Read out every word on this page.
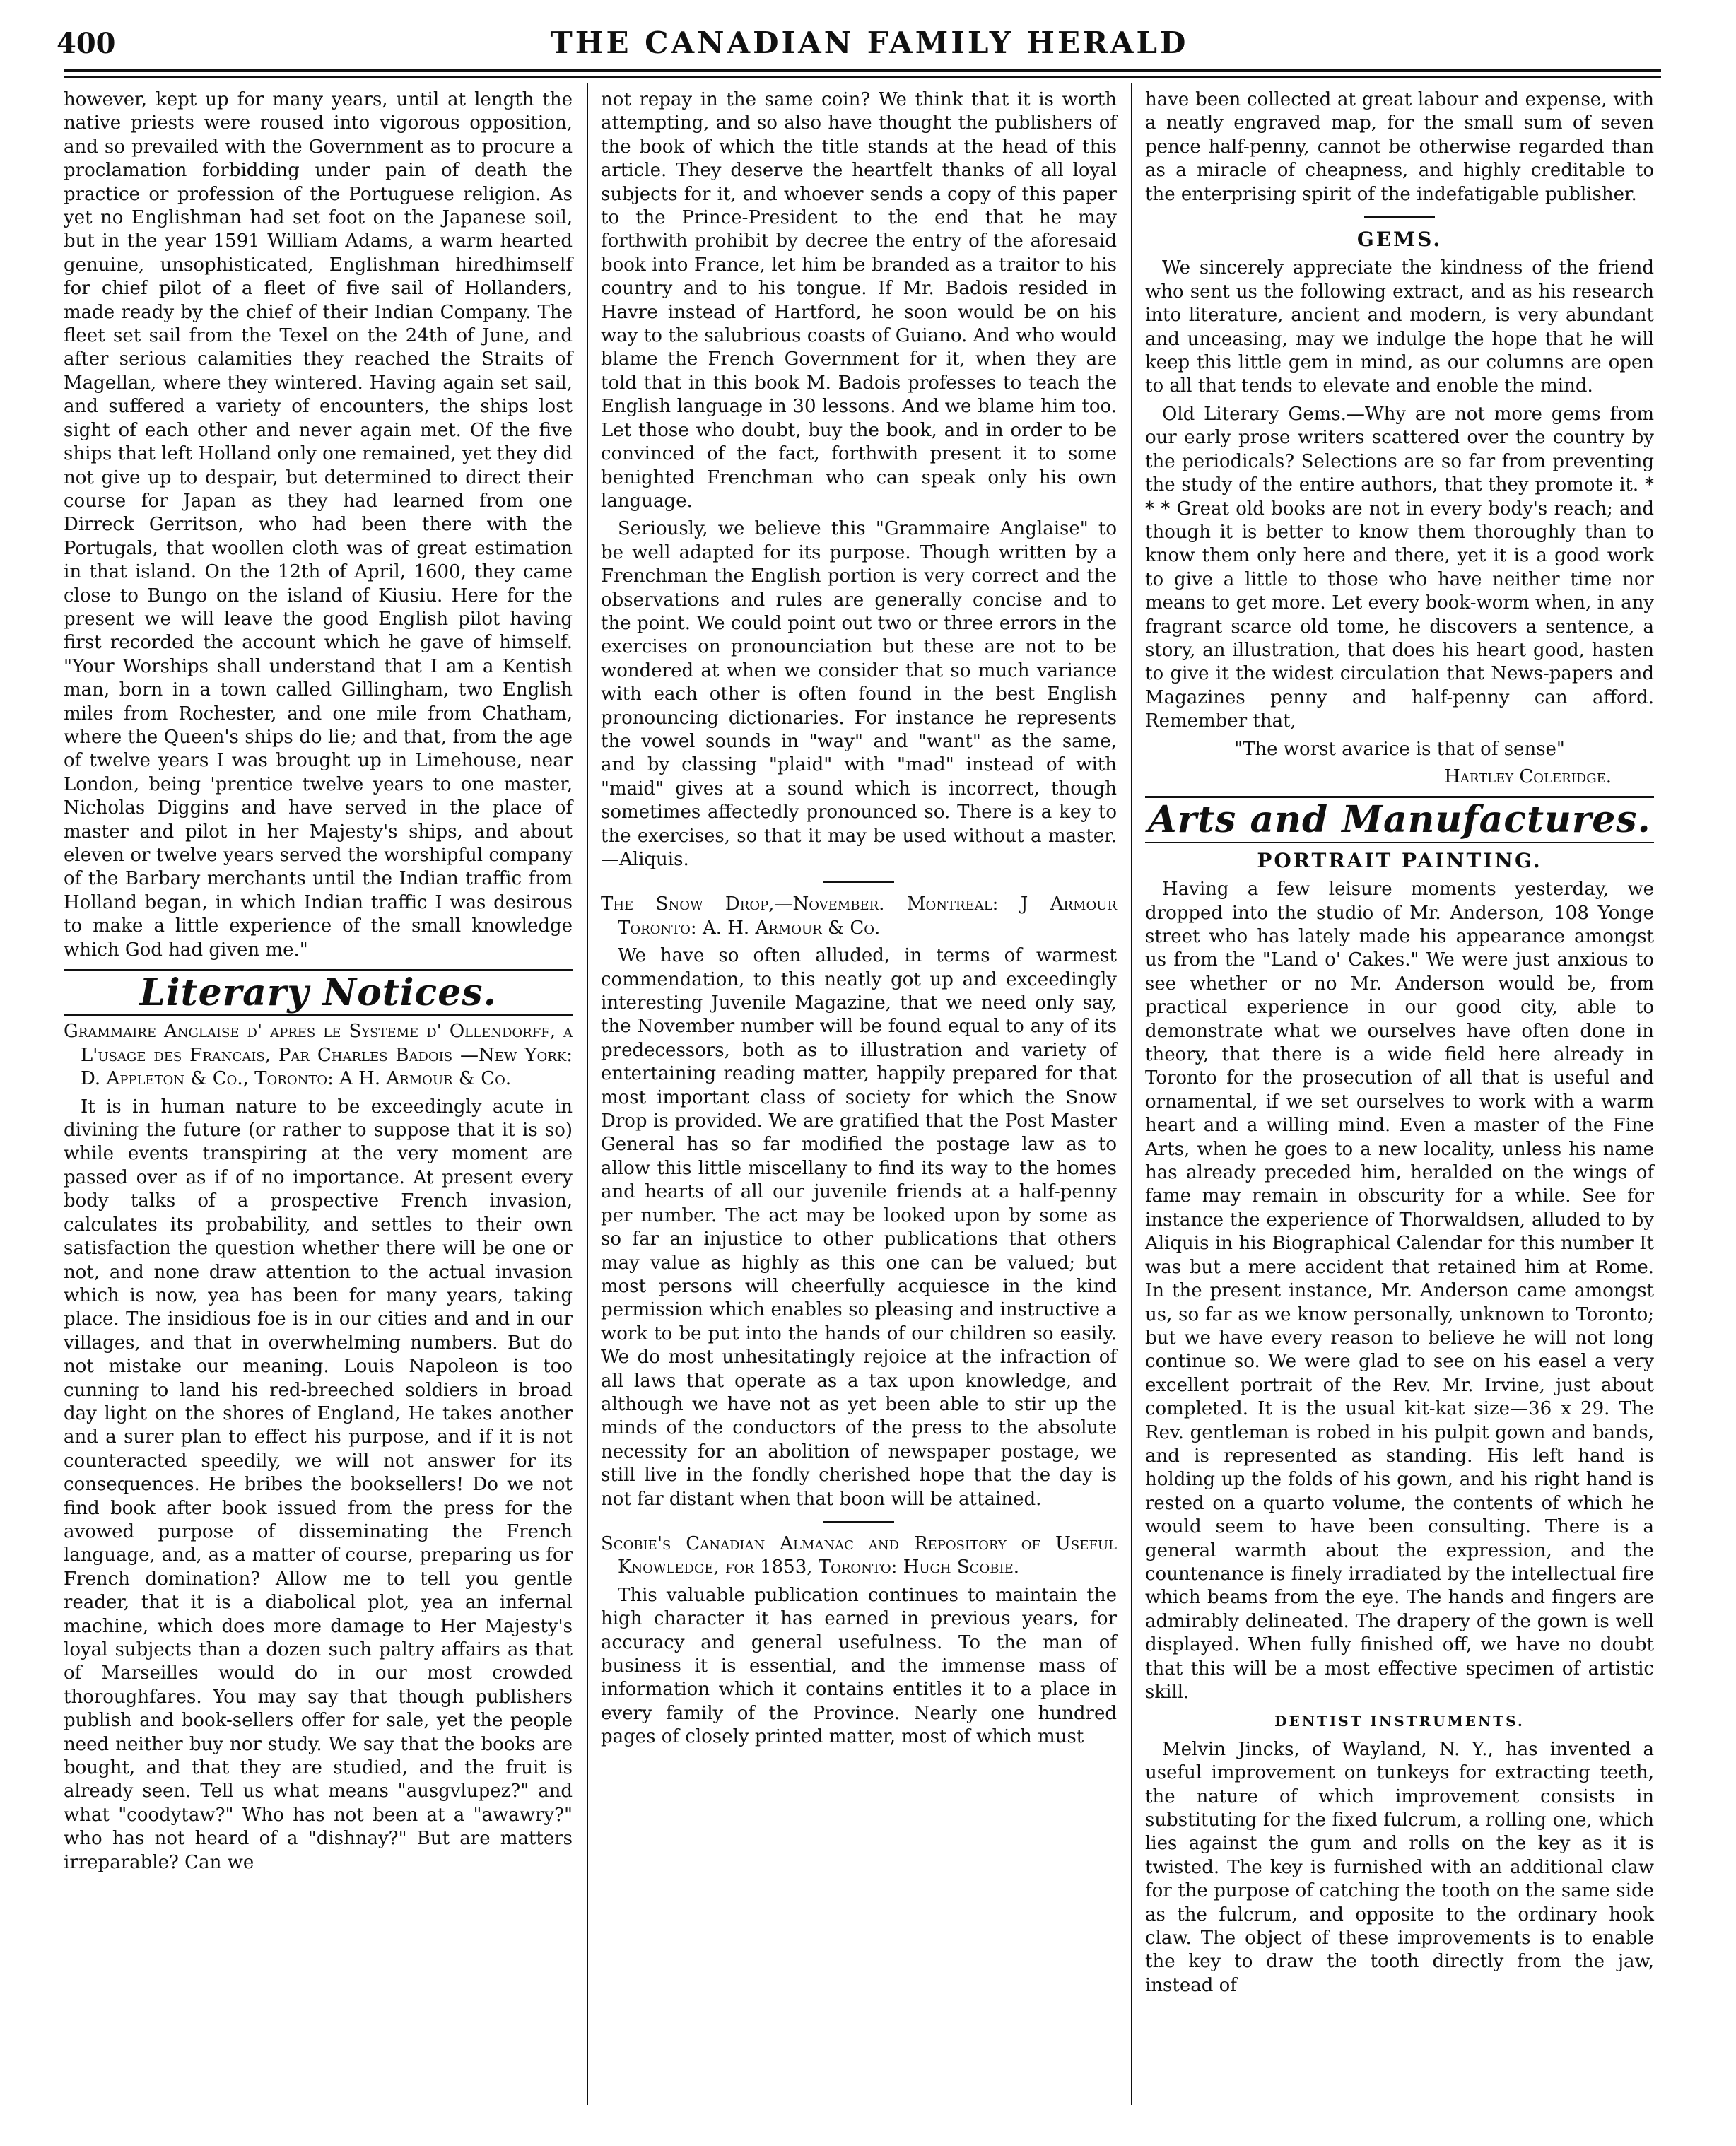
400	THE CANADIAN FAMILY HERALD

however, kept up for many years, until at length the native priests were roused into vigorous opposition, and so prevailed with the Government as to procure a proclamation forbidding under pain of death the practice or profession of the Portuguese religion. As yet no Englishman had set foot on the Japanese soil, but in the year 1591 William Adams, a warm hearted genuine, unsophisticated, Englishman hiredhimself for chief pilot of a fleet of five sail of Hollanders, made ready by the chief of their Indian Company. The fleet set sail from the Texel on the 24th of June, and after serious calamities they reached the Straits of Magellan, where they wintered. Having again set sail, and suffered a variety of encounters, the ships lost sight of each other and never again met. Of the five ships that left Holland only one remained, yet they did not give up to despair, but determined to direct their course for Japan as they had learned from one Dirreck Gerritson, who had been there with the Portugals, that woollen cloth was of great estimation in that island. On the 12th of April, 1600, they came close to Bungo on the island of Kiusiu. Here for the present we will leave the good English pilot having first recorded the account which he gave of himself. "Your Worships shall understand that I am a Kentish man, born in a town called Gillingham, two English miles from Rochester, and one mile from Chatham, where the Queen's ships do lie; and that, from the age of twelve years I was brought up in Limehouse, near London, being 'prentice twelve years to one master, Nicholas Diggins and have served in the place of master and pilot in her Majesty's ships, and about eleven or twelve years served the worshipful company of the Barbary merchants until the Indian traffic from Holland began, in which Indian traffic I was desirous to make a little experience of the small knowledge which God had given me."

Literary Notices.

Grammaire Anglaise d' apres le Systeme d' Ollendorff, a L'usage des Francais, Par Charles Badois —New York: D. Appleton & Co., Toronto: A H. Armour & Co.

It is in human nature to be exceedingly acute in divining the future (or rather to suppose that it is so) while events transpiring at the very moment are passed over as if of no importance. At present every body talks of a prospective French invasion, calculates its probability, and settles to their own satisfaction the question whether there will be one or not, and none draw attention to the actual invasion which is now, yea has been for many years, taking place. The insidious foe is in our cities and and in our villages, and that in overwhelming numbers. But do not mistake our meaning. Louis Napoleon is too cunning to land his red-breeched soldiers in broad day light on the shores of England, He takes another and a surer plan to effect his purpose, and if it is not counteracted speedily, we will not answer for its consequences. He bribes the booksellers! Do we not find book after book issued from the press for the avowed purpose of disseminating the French language, and, as a matter of course, preparing us for French domination? Allow me to tell you gentle reader, that it is a diabolical plot, yea an infernal machine, which does more damage to Her Majesty's loyal subjects than a dozen such paltry affairs as that of Marseilles would do in our most crowded thoroughfares. You may say that though publishers publish and book-sellers offer for sale, yet the people need neither buy nor study. We say that the books are bought, and that they are studied, and the fruit is already seen. Tell us what means "ausgvlupez?" and what "coodytaw?" Who has not been at a "awawry?" who has not heard of a "dishnay?" But are matters irreparable? Can we

not repay in the same coin? We think that it is worth attempting, and so also have thought the publishers of the book of which the title stands at the head of this article. They deserve the heartfelt thanks of all loyal subjects for it, and whoever sends a copy of this paper to the Prince-President to the end that he may forthwith prohibit by decree the entry of the aforesaid book into France, let him be branded as a traitor to his country and to his tongue. If Mr. Badois resided in Havre instead of Hartford, he soon would be on his way to the salubrious coasts of Guiano. And who would blame the French Government for it, when they are told that in this book M. Badois professes to teach the English language in 30 lessons. And we blame him too. Let those who doubt, buy the book, and in order to be convinced of the fact, forthwith present it to some benighted Frenchman who can speak only his own language.

Seriously, we believe this "Grammaire Anglaise" to be well adapted for its purpose. Though written by a Frenchman the English portion is very correct and the observations and rules are generally concise and to the point. We could point out two or three errors in the exercises on pronounciation but these are not to be wondered at when we consider that so much variance with each other is often found in the best English pronouncing dictionaries. For instance he represents the vowel sounds in "way" and "want" as the same, and by classing "plaid" with "mad" instead of with "maid" gives at a sound which is incorrect, though sometimes affectedly pronounced so. There is a key to the exercises, so that it may be used without a master.—Aliquis.

The Snow Drop,—November. Montreal: J Armour Toronto: A. H. Armour & Co.

We have so often alluded, in terms of warmest commendation, to this neatly got up and exceedingly interesting Juvenile Magazine, that we need only say, the November number will be found equal to any of its predecessors, both as to illustration and variety of entertaining reading matter, happily prepared for that most important class of society for which the Snow Drop is provided. We are gratified that the Post Master General has so far modified the postage law as to allow this little miscellany to find its way to the homes and hearts of all our juvenile friends at a half-penny per number. The act may be looked upon by some as so far an injustice to other publications that others may value as highly as this one can be valued; but most persons will cheerfully acquiesce in the kind permission which enables so pleasing and instructive a work to be put into the hands of our children so easily. We do most unhesitatingly rejoice at the infraction of all laws that operate as a tax upon knowledge, and although we have not as yet been able to stir up the minds of the conductors of the press to the absolute necessity for an abolition of newspaper postage, we still live in the fondly cherished hope that the day is not far distant when that boon will be attained.

Scobie's Canadian Almanac and Repository of Useful Knowledge, for 1853, Toronto: Hugh Scobie.

This valuable publication continues to maintain the high character it has earned in previous years, for accuracy and general usefulness. To the man of business it is essential, and the immense mass of information which it contains entitles it to a place in every family of the Province. Nearly one hundred pages of closely printed matter, most of which must

have been collected at great labour and expense, with a neatly engraved map, for the small sum of seven pence half-penny, cannot be otherwise regarded than as a miracle of cheapness, and highly creditable to the enterprising spirit of the indefatigable publisher.

GEMS.

We sincerely appreciate the kindness of the friend who sent us the following extract, and as his research into literature, ancient and modern, is very abundant and unceasing, may we indulge the hope that he will keep this little gem in mind, as our columns are open to all that tends to elevate and enoble the mind.

Old Literary Gems.—Why are not more gems from our early prose writers scattered over the country by the periodicals? Selections are so far from preventing the study of the entire authors, that they promote it. * * * Great old books are not in every body's reach; and though it is better to know them thoroughly than to know them only here and there, yet it is a good work to give a little to those who have neither time nor means to get more. Let every book-worm when, in any fragrant scarce old tome, he discovers a sentence, a story, an illustration, that does his heart good, hasten to give it the widest circulation that News-papers and Magazines penny and half-penny can afford. Remember that,

"The worst avarice is that of sense"

Hartley Coleridge.

Arts and Manufactures.
PORTRAIT PAINTING.

Having a few leisure moments yesterday, we dropped into the studio of Mr. Anderson, 108 Yonge street who has lately made his appearance amongst us from the "Land o' Cakes." We were just anxious to see whether or no Mr. Anderson would be, from practical experience in our good city, able to demonstrate what we ourselves have often done in theory, that there is a wide field here already in Toronto for the prosecution of all that is useful and ornamental, if we set ourselves to work with a warm heart and a willing mind. Even a master of the Fine Arts, when he goes to a new locality, unless his name has already preceded him, heralded on the wings of fame may remain in obscurity for a while. See for instance the experience of Thorwaldsen, alluded to by Aliquis in his Biographical Calendar for this number It was but a mere accident that retained him at Rome. In the present instance, Mr. Anderson came amongst us, so far as we know personally, unknown to Toronto; but we have every reason to believe he will not long continue so. We were glad to see on his easel a very excellent portrait of the Rev. Mr. Irvine, just about completed. It is the usual kit-kat size—36 x 29. The Rev. gentleman is robed in his pulpit gown and bands, and is represented as standing. His left hand is holding up the folds of his gown, and his right hand is rested on a quarto volume, the contents of which he would seem to have been consulting. There is a general warmth about the expression, and the countenance is finely irradiated by the intellectual fire which beams from the eye. The hands and fingers are admirably delineated. The drapery of the gown is well displayed. When fully finished off, we have no doubt that this will be a most effective specimen of artistic skill.

DENTIST INSTRUMENTS.

Melvin Jincks, of Wayland, N. Y., has invented a useful improvement on tunkeys for extracting teeth, the nature of which improvement consists in substituting for the fixed fulcrum, a rolling one, which lies against the gum and rolls on the key as it is twisted. The key is furnished with an additional claw for the purpose of catching the tooth on the same side as the fulcrum, and opposite to the ordinary hook claw. The object of these improvements is to enable the key to draw the tooth directly from the jaw, instead of
